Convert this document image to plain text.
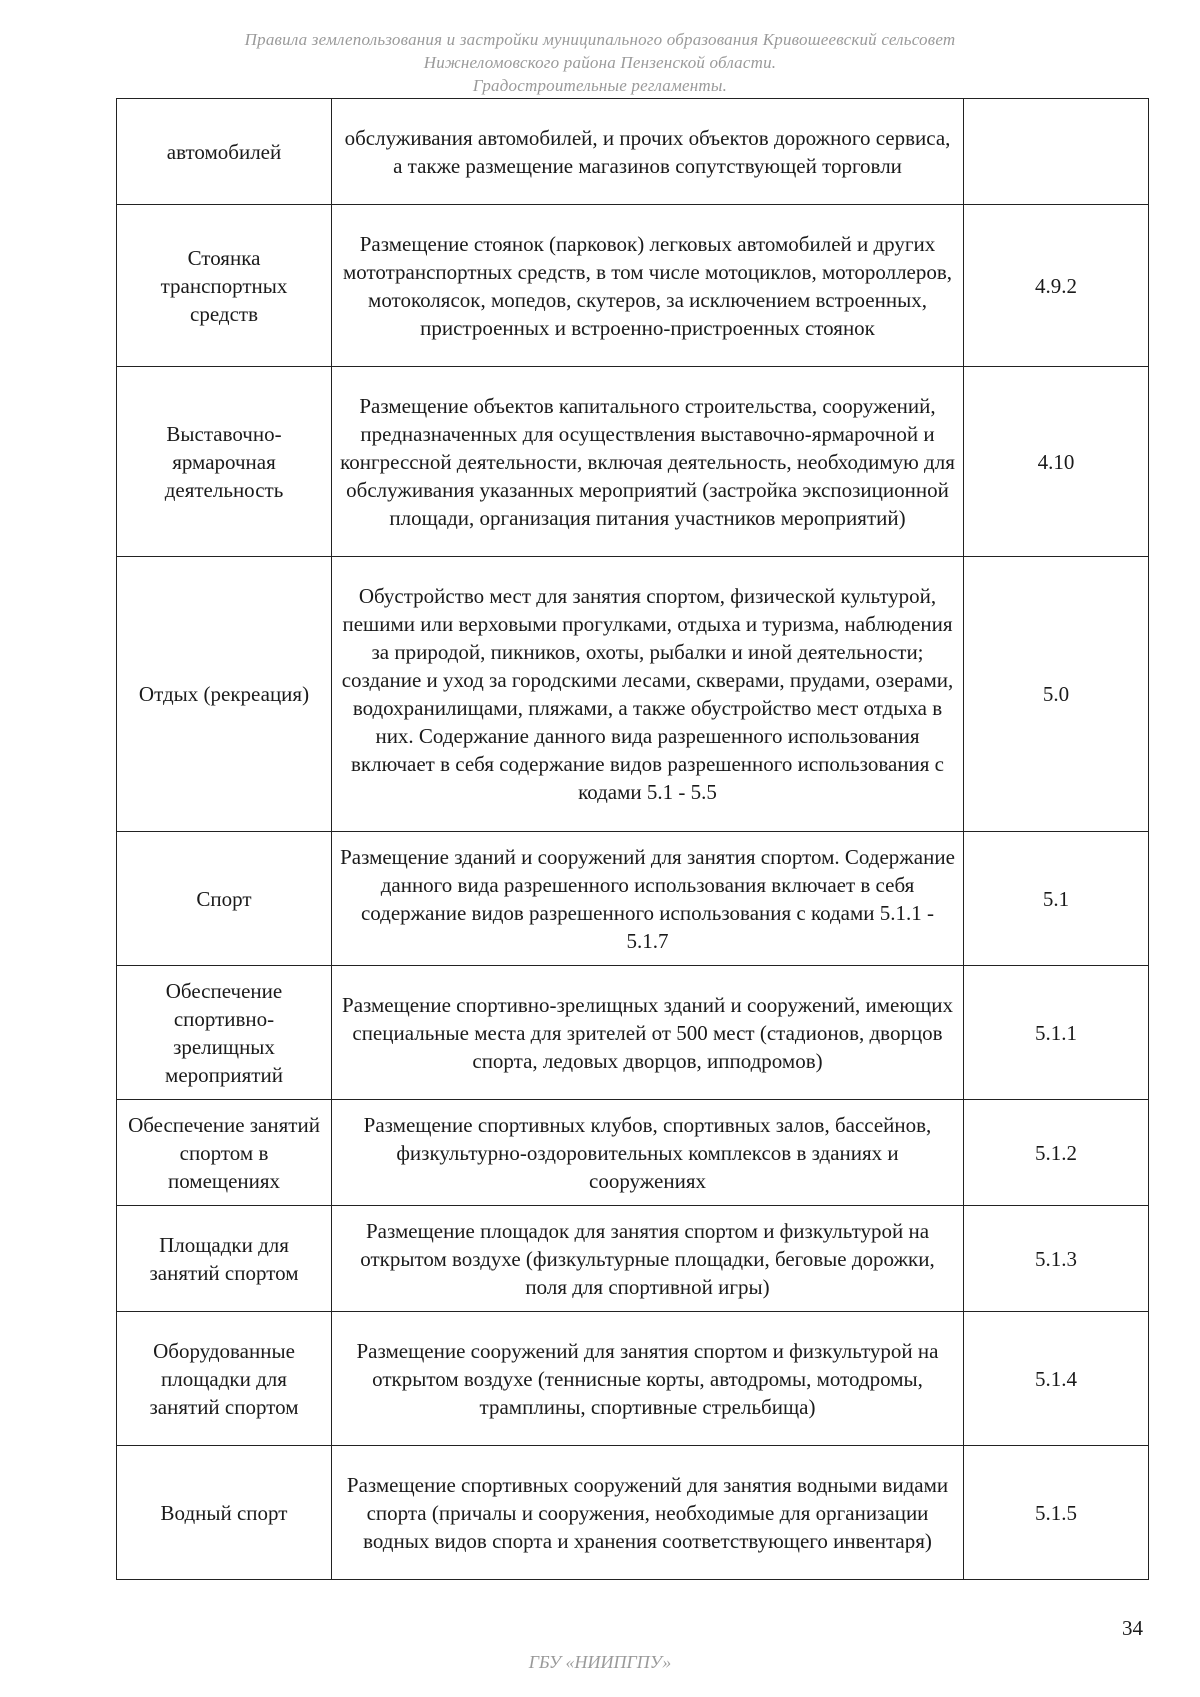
Правила землепользования и застройки муниципального образования Кривошеевский сельсовет
Нижнеломовского района Пензенской области.
Градостроительные регламенты.
автомобилей	обслуживания автомобилей, и прочих объектов дорожного сервиса, а также размещение магазинов сопутствующей торговли	
Стоянка транспортных средств	Размещение стоянок (парковок) легковых автомобилей и других мототранспортных средств, в том числе мотоциклов, мотороллеров, мотоколясок, мопедов, скутеров, за исключением встроенных, пристроенных и встроенно-пристроенных стоянок	4.9.2
Выставочно-ярмарочная деятельность	Размещение объектов капитального строительства, сооружений, предназначенных для осуществления выставочно-ярмарочной и конгрессной деятельности, включая деятельность, необходимую для обслуживания указанных мероприятий (застройка экспозиционной площади, организация питания участников мероприятий)	4.10
Отдых (рекреация)	Обустройство мест для занятия спортом, физической культурой, пешими или верховыми прогулками, отдыха и туризма, наблюдения за природой, пикников, охоты, рыбалки и иной деятельности; создание и уход за городскими лесами, скверами, прудами, озерами, водохранилищами, пляжами, а также обустройство мест отдыха в них. Содержание данного вида разрешенного использования включает в себя содержание видов разрешенного использования с кодами 5.1 - 5.5	5.0
Спорт	Размещение зданий и сооружений для занятия спортом. Содержание данного вида разрешенного использования включает в себя содержание видов разрешенного использования с кодами 5.1.1 - 5.1.7	5.1
Обеспечение спортивно-зрелищных мероприятий	Размещение спортивно-зрелищных зданий и сооружений, имеющих специальные места для зрителей от 500 мест (стадионов, дворцов спорта, ледовых дворцов, ипподромов)	5.1.1
Обеспечение занятий спортом в помещениях	Размещение спортивных клубов, спортивных залов, бассейнов, физкультурно-оздоровительных комплексов в зданиях и сооружениях	5.1.2
Площадки для занятий спортом	Размещение площадок для занятия спортом и физкультурой на открытом воздухе (физкультурные площадки, беговые дорожки, поля для спортивной игры)	5.1.3
Оборудованные площадки для занятий спортом	Размещение сооружений для занятия спортом и физкультурой на открытом воздухе (теннисные корты, автодромы, мотодромы, трамплины, спортивные стрельбища)	5.1.4
Водный спорт	Размещение спортивных сооружений для занятия водными видами спорта (причалы и сооружения, необходимые для организации водных видов спорта и хранения соответствующего инвентаря)	5.1.5
34
ГБУ «НИИПГПУ»
